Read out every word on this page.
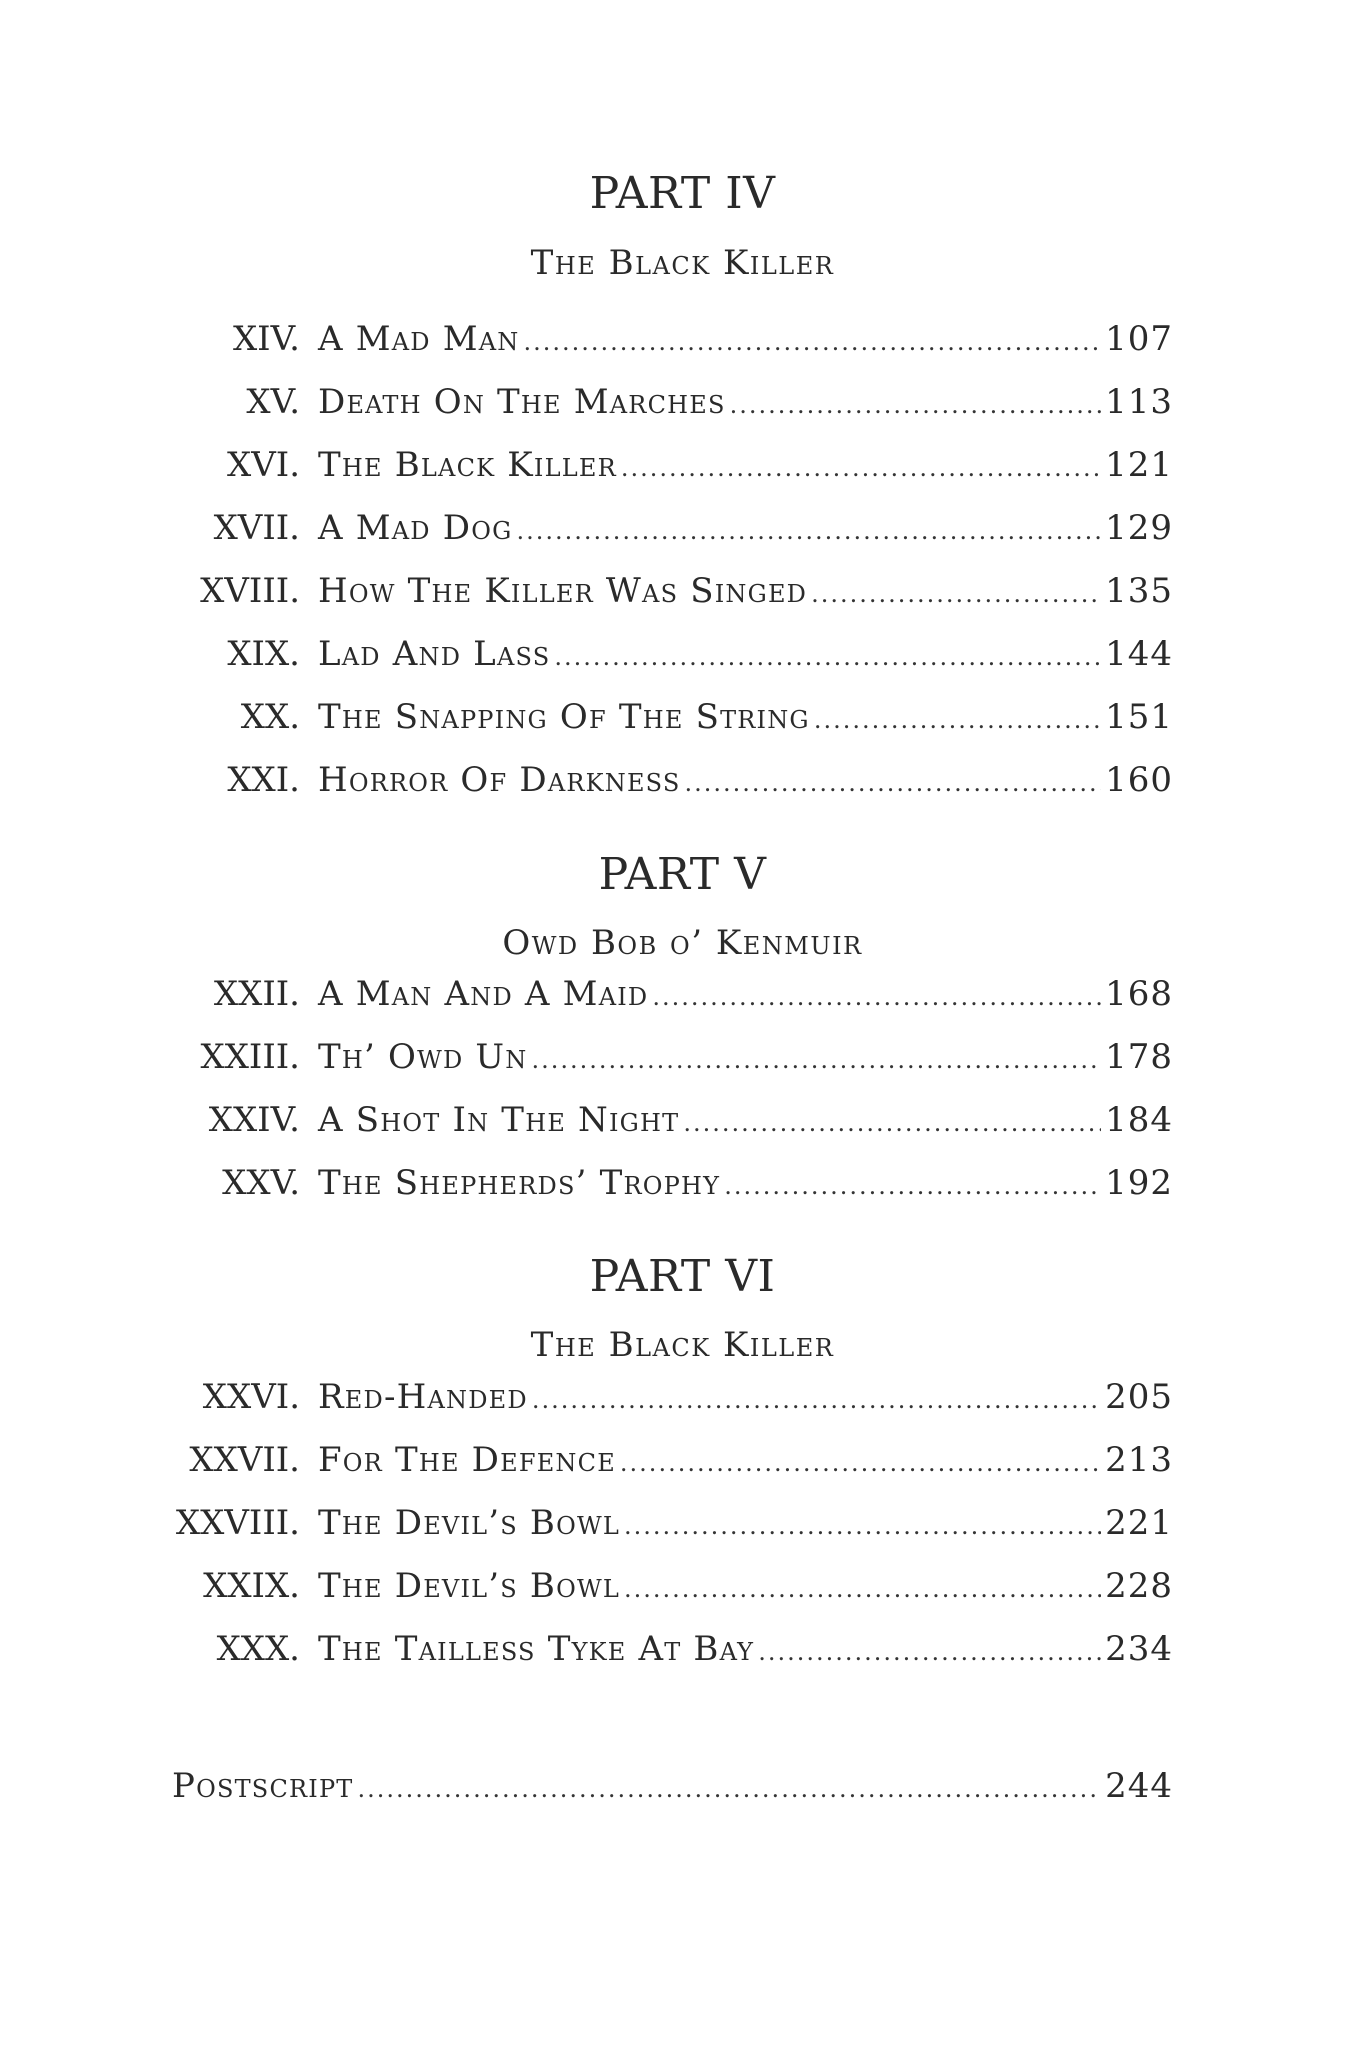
PART IV
The Black Killer
XIV. A Mad Man .....	107
XV. Death On The Marches .....	113
XVI. The Black Killer .....	121
XVII. A Mad Dog .....	129
XVIII. How The Killer Was Singed .....	135
XIX. Lad And Lass .....	144
XX. The Snapping Of The String .....	151
XXI. Horror Of Darkness .....	160
PART V
Owd Bob o’ Kenmuir
XXII. A Man And A Maid .....	168
XXIII. Th’ Owd Un .....	178
XXIV. A Shot In The Night .....	184
XXV. The Shepherds’ Trophy .....	192
PART VI
The Black Killer
XXVI. Red-Handed .....	205
XXVII. For The Defence .....	213
XXVIII. The Devil’s Bowl .....	221
XXIX. The Devil’s Bowl .....	228
XXX. The Tailless Tyke At Bay .....	234
Postscript .....	244
